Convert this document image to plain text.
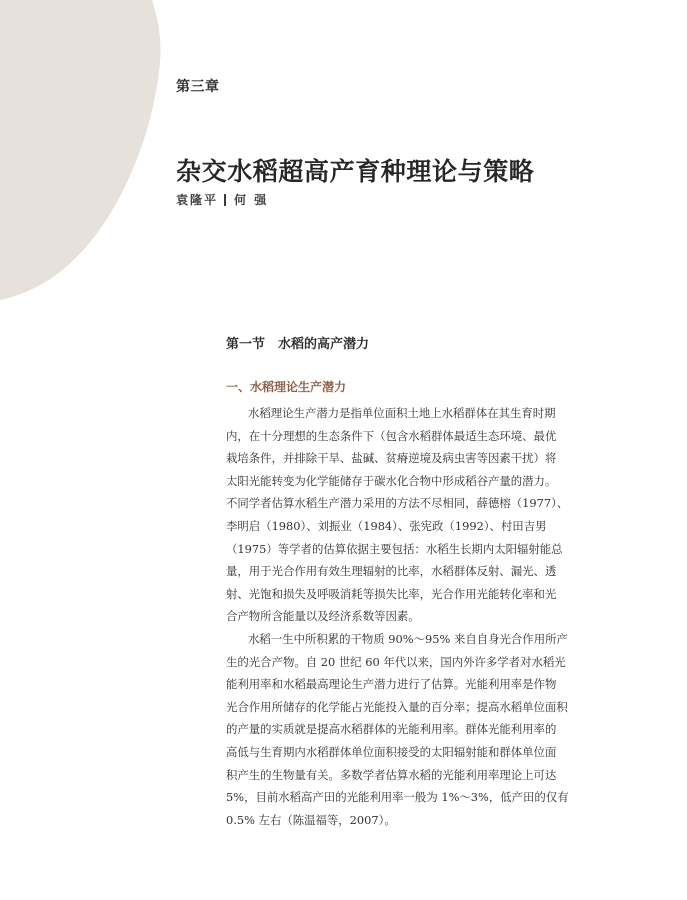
第三章
杂交水稻超高产育种理论与策略
袁隆平 何 强
第一节　水稻的高产潜力
一、水稻理论生产潜力
水稻理论生产潜力是指单位面积土地上水稻群体在其生育时期
内，在十分理想的生态条件下（包含水稻群体最适生态环境、最优
栽培条件，并排除干旱、盐碱、贫瘠逆境及病虫害等因素干扰）将
太阳光能转变为化学能储存于碳水化合物中形成稻谷产量的潜力。
不同学者估算水稻生产潜力采用的方法不尽相同，薛德榕（1977）、
李明启（1980）、刘振业（1984）、张宪政（1992）、村田吉男
（1975）等学者的估算依据主要包括：水稻生长期内太阳辐射能总
量，用于光合作用有效生理辐射的比率，水稻群体反射、漏光、透
射、光饱和损失及呼吸消耗等损失比率，光合作用光能转化率和光
合产物所含能量以及经济系数等因素。
水稻一生中所积累的干物质 90%～95% 来自自身光合作用所产
生的光合产物。自 20 世纪 60 年代以来，国内外许多学者对水稻光
能利用率和水稻最高理论生产潜力进行了估算。光能利用率是作物
光合作用所储存的化学能占光能投入量的百分率；提高水稻单位面积
的产量的实质就是提高水稻群体的光能利用率。群体光能利用率的
高低与生育期内水稻群体单位面积接受的太阳辐射能和群体单位面
积产生的生物量有关。多数学者估算水稻的光能利用率理论上可达
5%，目前水稻高产田的光能利用率一般为 1%～3%，低产田的仅有
0.5% 左右（陈温福等，2007）。
